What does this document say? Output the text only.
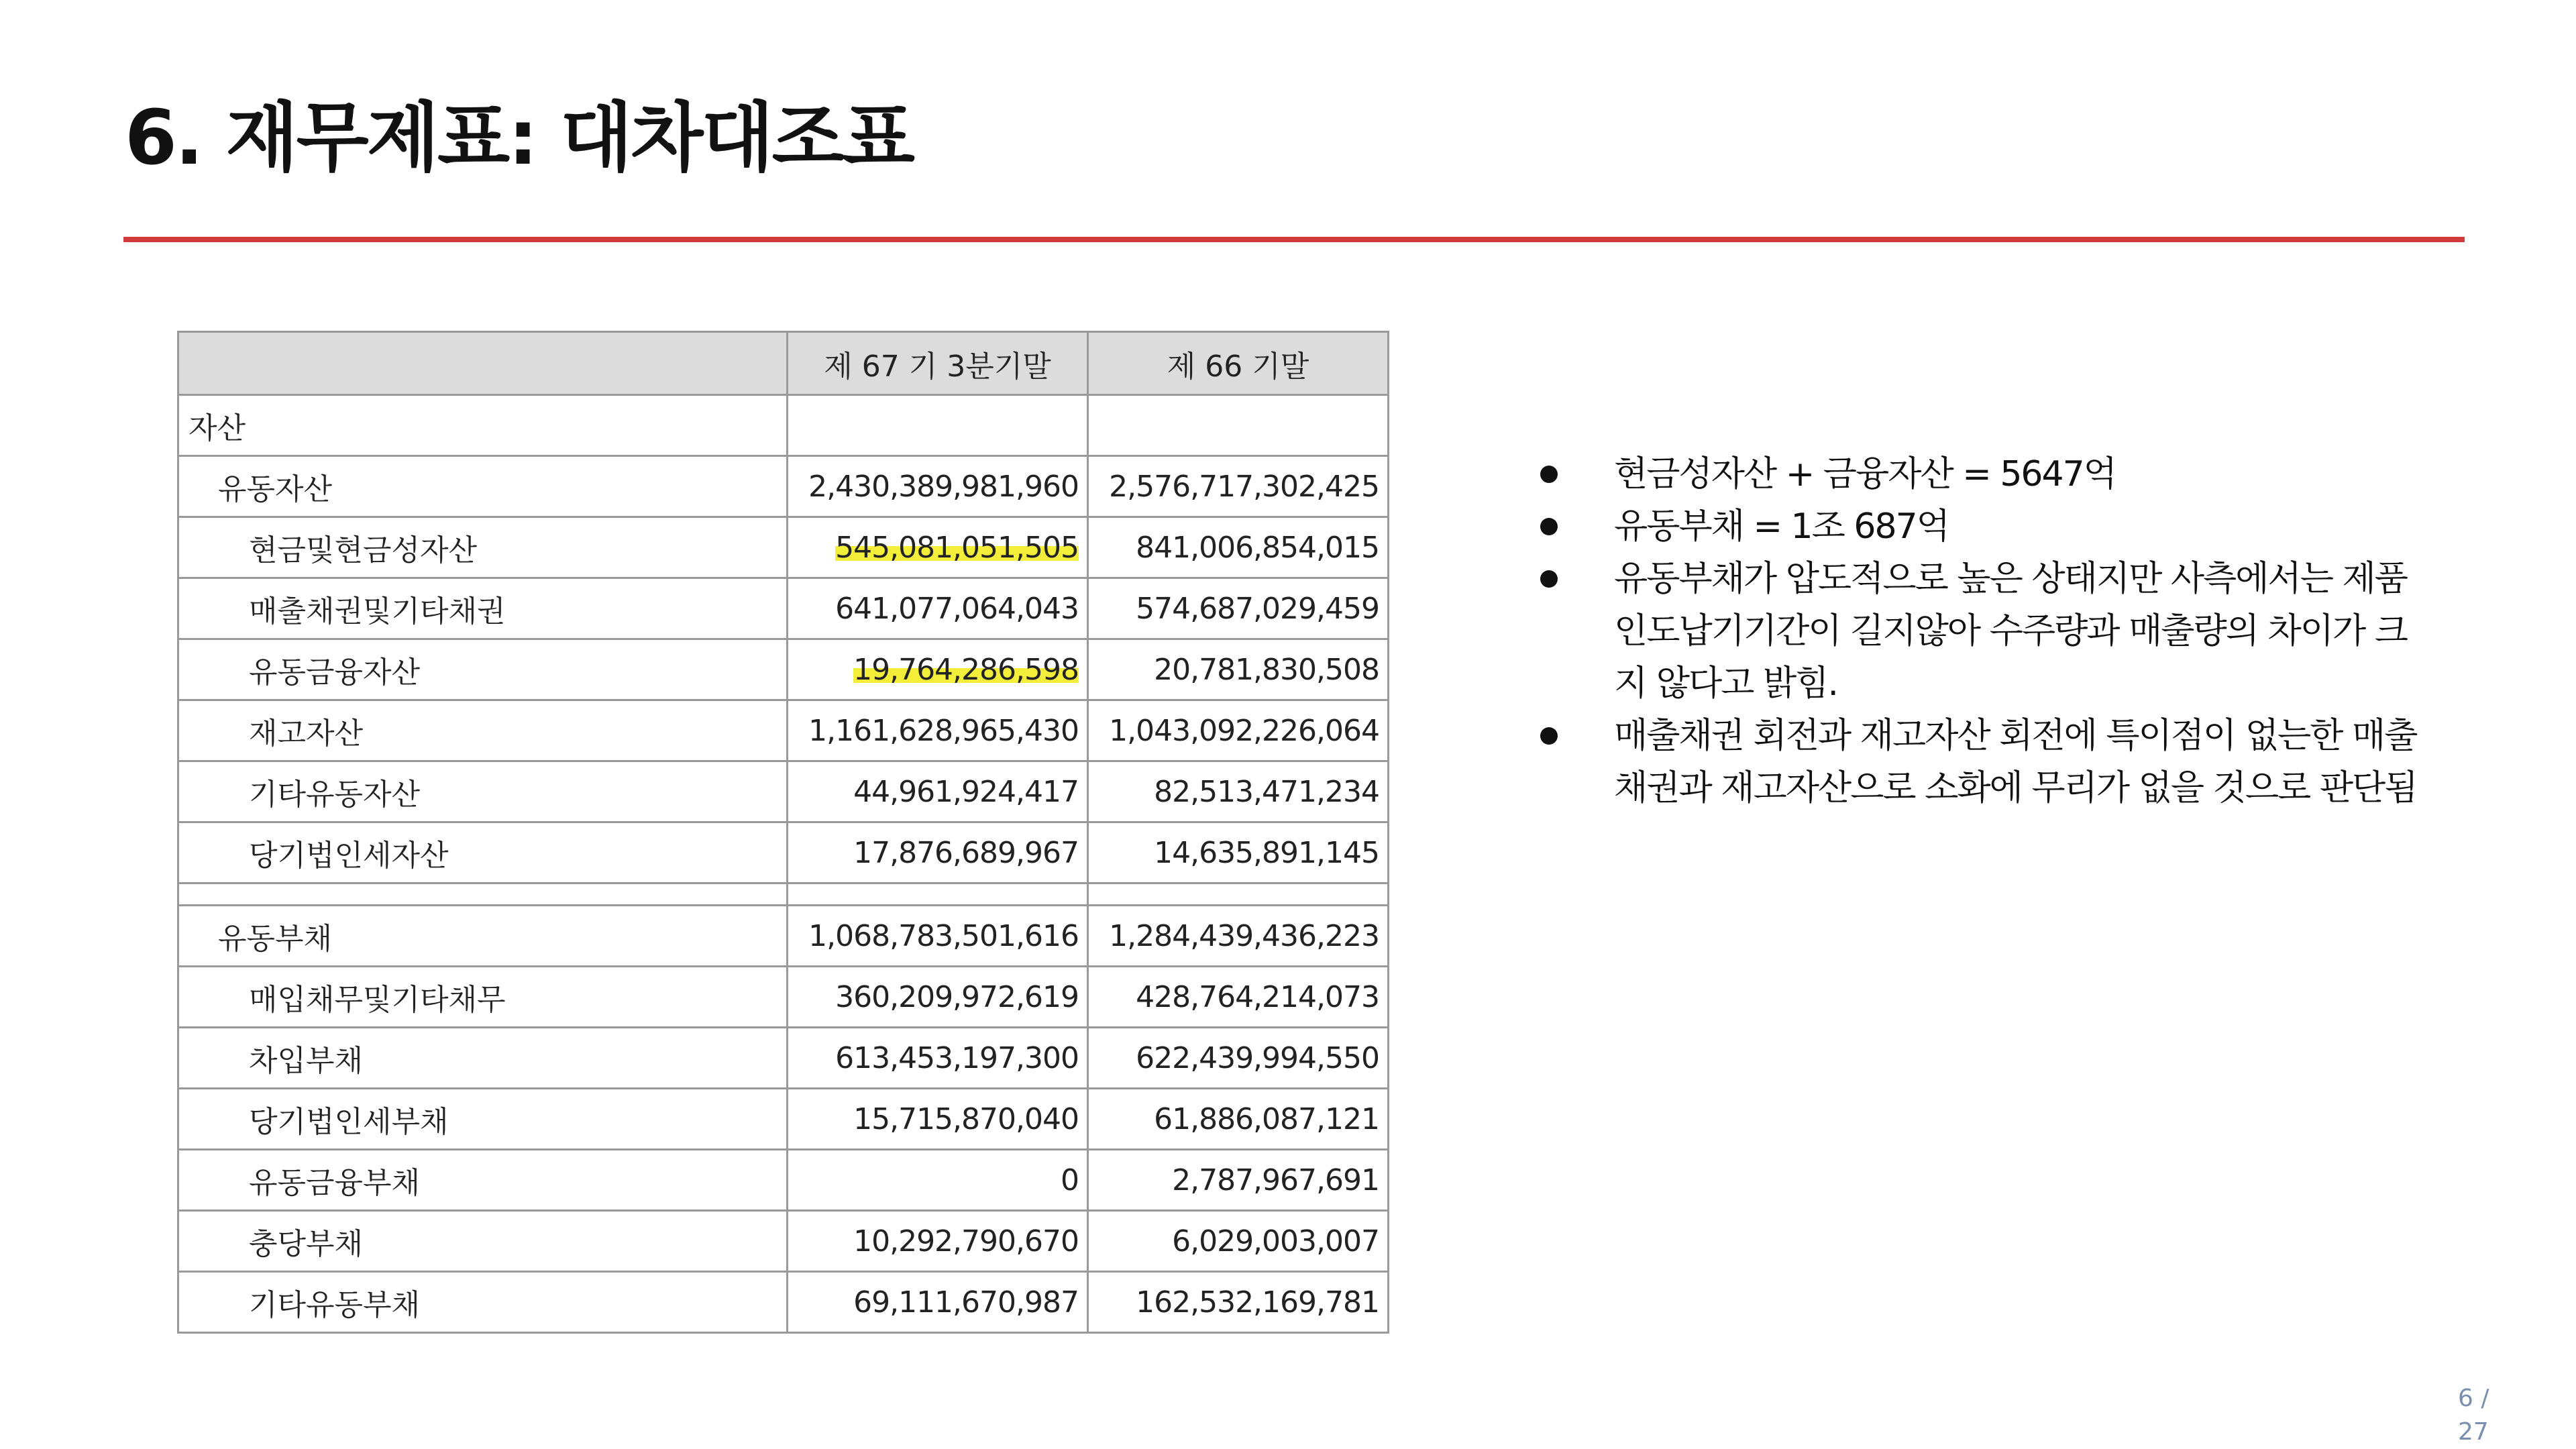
6. 재무제표: 대차대조표
	제 67 기 3분기말	제 66 기말
자산		
유동자산	2,430,389,981,960	2,576,717,302,425
현금및현금성자산	545,081,051,505	841,006,854,015
매출채권및기타채권	641,077,064,043	574,687,029,459
유동금융자산	19,764,286,598	20,781,830,508
재고자산	1,161,628,965,430	1,043,092,226,064
기타유동자산	44,961,924,417	82,513,471,234
당기법인세자산	17,876,689,967	14,635,891,145

유동부채	1,068,783,501,616	1,284,439,436,223
매입채무및기타채무	360,209,972,619	428,764,214,073
차입부채	613,453,197,300	622,439,994,550
당기법인세부채	15,715,870,040	61,886,087,121
유동금융부채	0	2,787,967,691
충당부채	10,292,790,670	6,029,003,007
기타유동부채	69,111,670,987	162,532,169,781
현금성자산 + 금융자산 = 5647억
유동부채 = 1조 687억
유동부채가 압도적으로 높은 상태지만 사측에서는 제품 인도납기기간이 길지않아 수주량과 매출량의 차이가 크지 않다고 밝힘.
매출채권 회전과 재고자산 회전에 특이점이 없는한 매출채권과 재고자산으로 소화에 무리가 없을 것으로 판단됨
6 /
27
